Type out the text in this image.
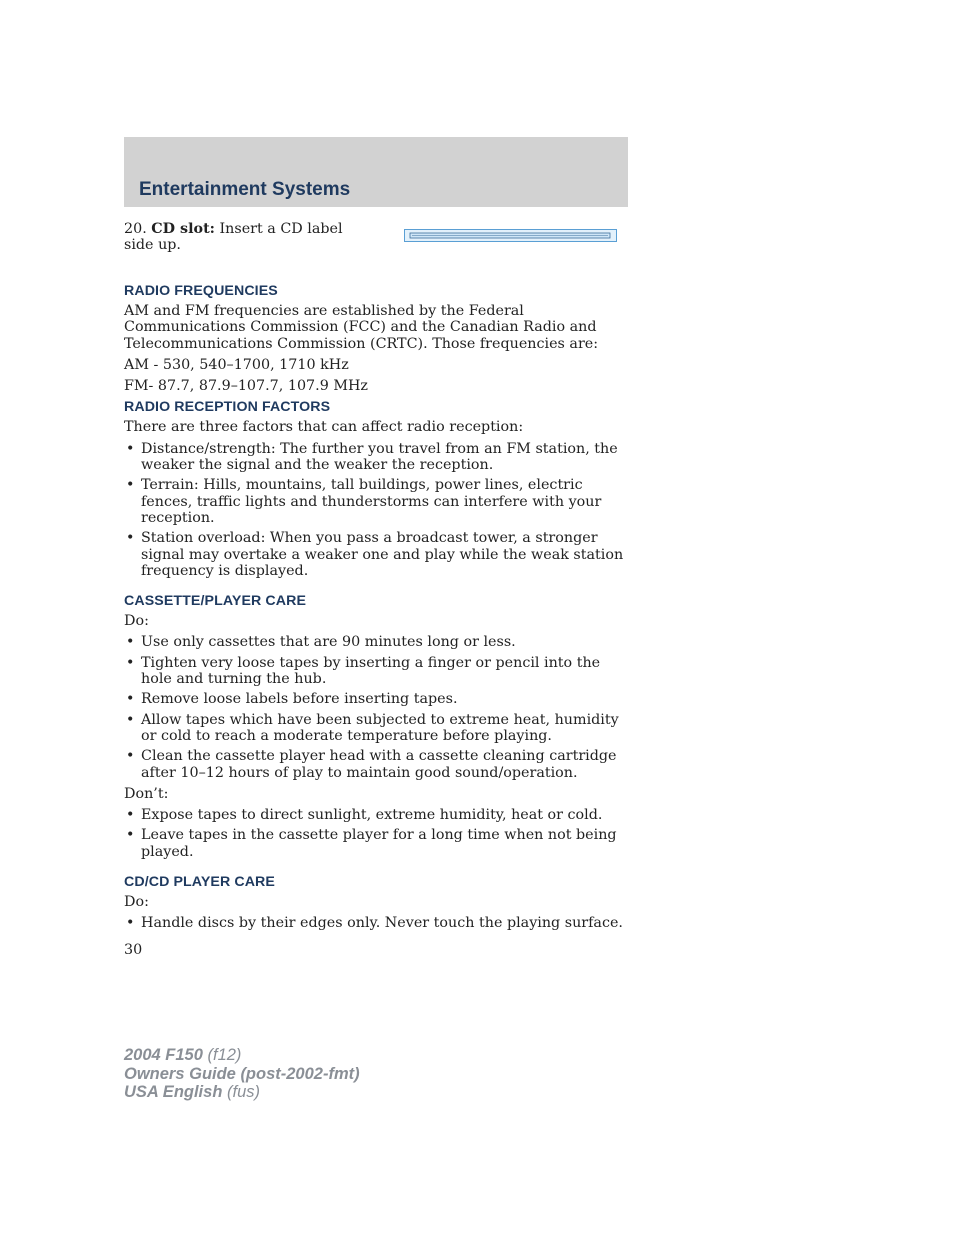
Entertainment Systems

20. CD slot: Insert a CD label side up.

RADIO FREQUENCIES

AM and FM frequencies are established by the Federal Communications Commission (FCC) and the Canadian Radio and Telecommunications Commission (CRTC). Those frequencies are:

AM - 530, 540–1700, 1710 kHz

FM- 87.7, 87.9–107.7, 107.9 MHz

RADIO RECEPTION FACTORS

There are three factors that can affect radio reception:

• Distance/strength: The further you travel from an FM station, the weaker the signal and the weaker the reception.
• Terrain: Hills, mountains, tall buildings, power lines, electric fences, traffic lights and thunderstorms can interfere with your reception.
• Station overload: When you pass a broadcast tower, a stronger signal may overtake a weaker one and play while the weak station frequency is displayed.
CASSETTE/PLAYER CARE

Do:

• Use only cassettes that are 90 minutes long or less.
• Tighten very loose tapes by inserting a finger or pencil into the hole and turning the hub.
• Remove loose labels before inserting tapes.
• Allow tapes which have been subjected to extreme heat, humidity or cold to reach a moderate temperature before playing.
• Clean the cassette player head with a cassette cleaning cartridge after 10–12 hours of play to maintain good sound/operation.

Don’t:

• Expose tapes to direct sunlight, extreme humidity, heat or cold.
• Leave tapes in the cassette player for a long time when not being played.
CD/CD PLAYER CARE

Do:

• Handle discs by their edges only. Never touch the playing surface.

30

2004 F150 (f12)
Owners Guide (post-2002-fmt)
USA English (fus)
